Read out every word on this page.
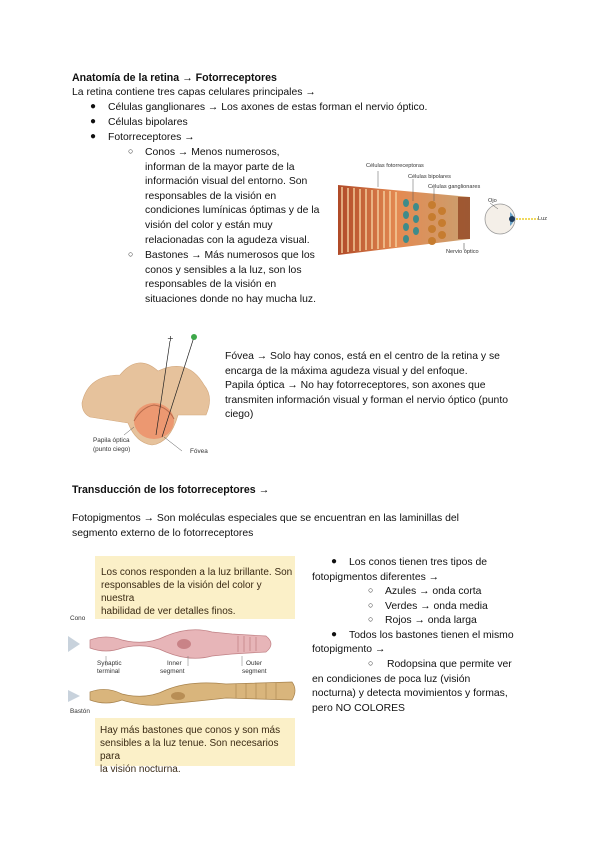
Anatomía de la retina → Fotorreceptores
La retina contiene tres capas celulares principales →
● Células ganglionares → Los axones de estas forman el nervio óptico.
● Células bipolares
● Fotorreceptores →
○ Conos → Menos numerosos,
informan de la mayor parte de la
información visual del entorno. Son
responsables de la visión en
condiciones lumínicas óptimas y de la
visión del color y están muy
relacionadas con la agudeza visual.
○ Bastones → Más numerosos que los
conos y sensibles a la luz, son los
responsables de la visión en
situaciones donde no hay mucha luz.
Células fotorreceptoras
Células bipolares
Células ganglionares
Ojo
Luz
Nervio óptico
+
Papila óptica
(punto ciego)	Fóvea
Fóvea → Solo hay conos, está en el centro de la retina y se
encarga de la máxima agudeza visual y del enfoque.
Papila óptica → No hay fotorreceptores, son axones que
transmiten información visual y forman el nervio óptico (punto
ciego)
Transducción de los fotorreceptores →
Fotopigmentos → Son moléculas especiales que se encuentran en las laminillas del
segmento externo de lo fotorreceptores
Los conos responden a la luz brillante. Son
responsables de la visión del color y nuestra
habilidad de ver detalles finos.
Hay más bastones que conos y son más
sensibles a la luz tenue. Son necesarios para
la visión nocturna.
Cono
Bastón
Synaptic
terminal
Inner
segment
Outer
segment
● Los conos tienen tres tipos de
fotopigmentos diferentes →
○ Azules → onda corta
○ Verdes → onda media
○ Rojos → onda larga
● Todos los bastones tienen el mismo
fotopigmento →
○ Rodopsina que permite ver
en condiciones de poca luz (visión
nocturna) y detecta movimientos y formas,
pero NO COLORES
